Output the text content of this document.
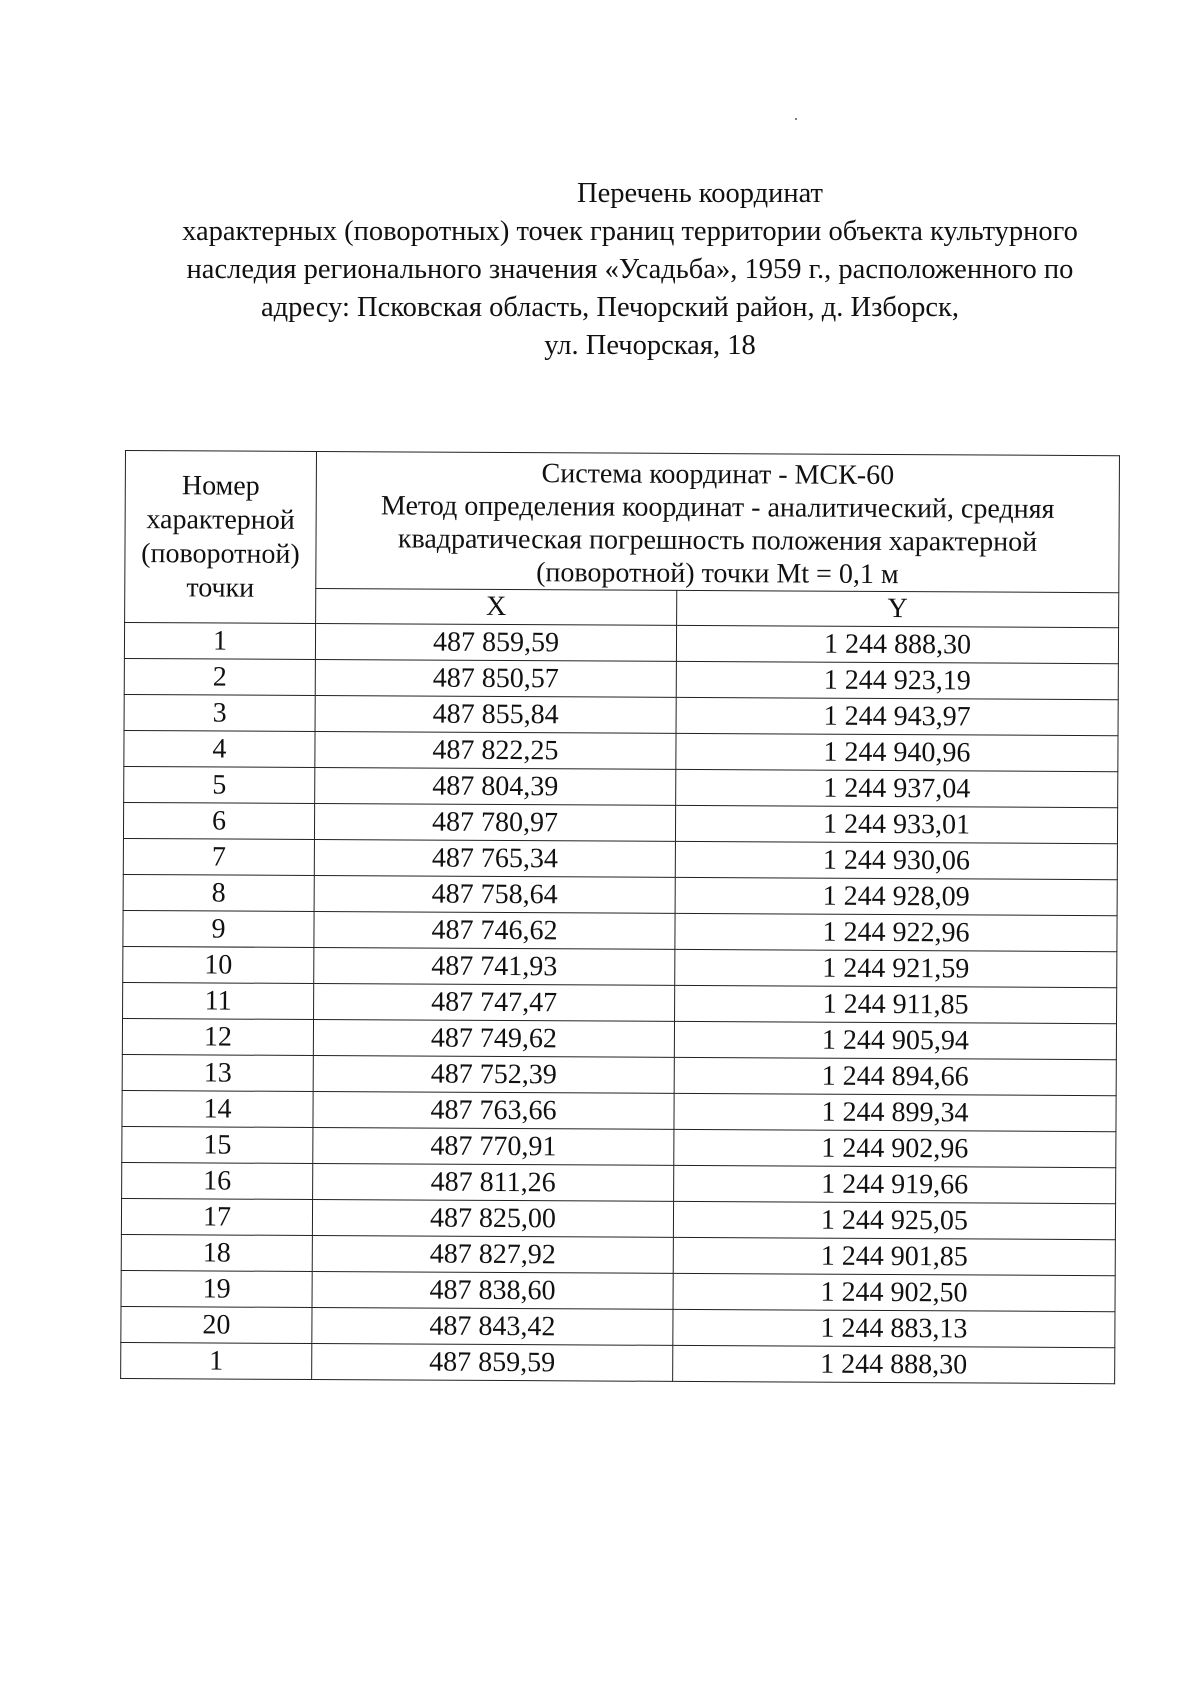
Перечень координат
характерных (поворотных) точек границ территории объекта культурного
наследия регионального значения «Усадьба», 1959 г., расположенного по
адресу: Псковская область, Печорский район, д. Изборск,
ул. Печорская, 18
Номер
характерной
(поворотной)
точки	Система координат - МСК-60
Метод определения координат - аналитический, средняя
квадратическая погрешность положения характерной
(поворотной) точки Mt = 0,1 м	
	X	Y
1	487 859,59	1 244 888,30
2	487 850,57	1 244 923,19
3	487 855,84	1 244 943,97
4	487 822,25	1 244 940,96
5	487 804,39	1 244 937,04
6	487 780,97	1 244 933,01
7	487 765,34	1 244 930,06
8	487 758,64	1 244 928,09
9	487 746,62	1 244 922,96
10	487 741,93	1 244 921,59
11	487 747,47	1 244 911,85
12	487 749,62	1 244 905,94
13	487 752,39	1 244 894,66
14	487 763,66	1 244 899,34
15	487 770,91	1 244 902,96
16	487 811,26	1 244 919,66
17	487 825,00	1 244 925,05
18	487 827,92	1 244 901,85
19	487 838,60	1 244 902,50
20	487 843,42	1 244 883,13
1	487 859,59	1 244 888,30
